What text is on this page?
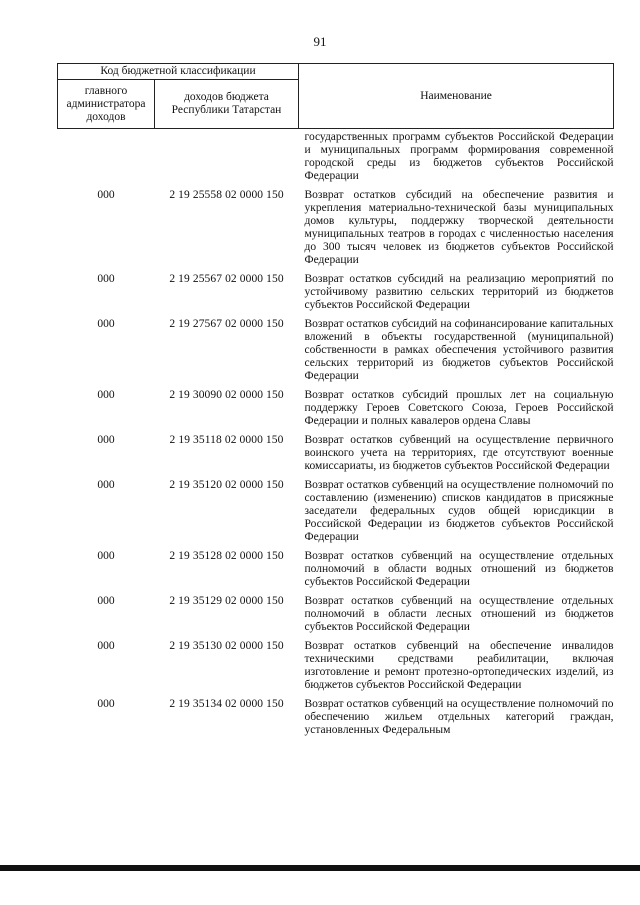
91
Код бюджетной классификации		Наименование
главного администратора доходов	доходов бюджета Республики Татарстан	
		государственных программ субъектов Российской Федерации и муниципальных программ формирования современной городской среды из бюджетов субъектов Российской Федерации
000	2 19 25558 02 0000 150	Возврат остатков субсидий на обеспечение развития и укрепления материально-технической базы муниципальных домов культуры, поддержку творческой деятельности муниципальных театров в городах с численностью населения до 300 тысяч человек из бюджетов субъектов Российской Федерации
000	2 19 25567 02 0000 150	Возврат остатков субсидий на реализацию мероприятий по устойчивому развитию сельских территорий из бюджетов субъектов Российской Федерации
000	2 19 27567 02 0000 150	Возврат остатков субсидий на софинансирование капитальных вложений в объекты государственной (муниципальной) собственности в рамках обеспечения устойчивого развития сельских территорий из бюджетов субъектов Российской Федерации
000	2 19 30090 02 0000 150	Возврат остатков субсидий прошлых лет на социальную поддержку Героев Советского Союза, Героев Российской Федерации и полных кавалеров ордена Славы
000	2 19 35118 02 0000 150	Возврат остатков субвенций на осуществление первичного воинского учета на территориях, где отсутствуют военные комиссариаты, из бюджетов субъектов Российской Федерации
000	2 19 35120 02 0000 150	Возврат остатков субвенций на осуществление полномочий по составлению (изменению) списков кандидатов в присяжные заседатели федеральных судов общей юрисдикции в Российской Федерации из бюджетов субъектов Российской Федерации
000	2 19 35128 02 0000 150	Возврат остатков субвенций на осуществление отдельных полномочий в области водных отношений из бюджетов субъектов Российской Федерации
000	2 19 35129 02 0000 150	Возврат остатков субвенций на осуществление отдельных полномочий в области лесных отношений из бюджетов субъектов Российской Федерации
000	2 19 35130 02 0000 150	Возврат остатков субвенций на обеспечение инвалидов техническими средствами реабилитации, включая изготовление и ремонт протезно-ортопедических изделий, из бюджетов субъектов Российской Федерации
000	2 19 35134 02 0000 150	Возврат остатков субвенций на осуществление полномочий по обеспечению жильем отдельных категорий граждан, установленных Федеральным
